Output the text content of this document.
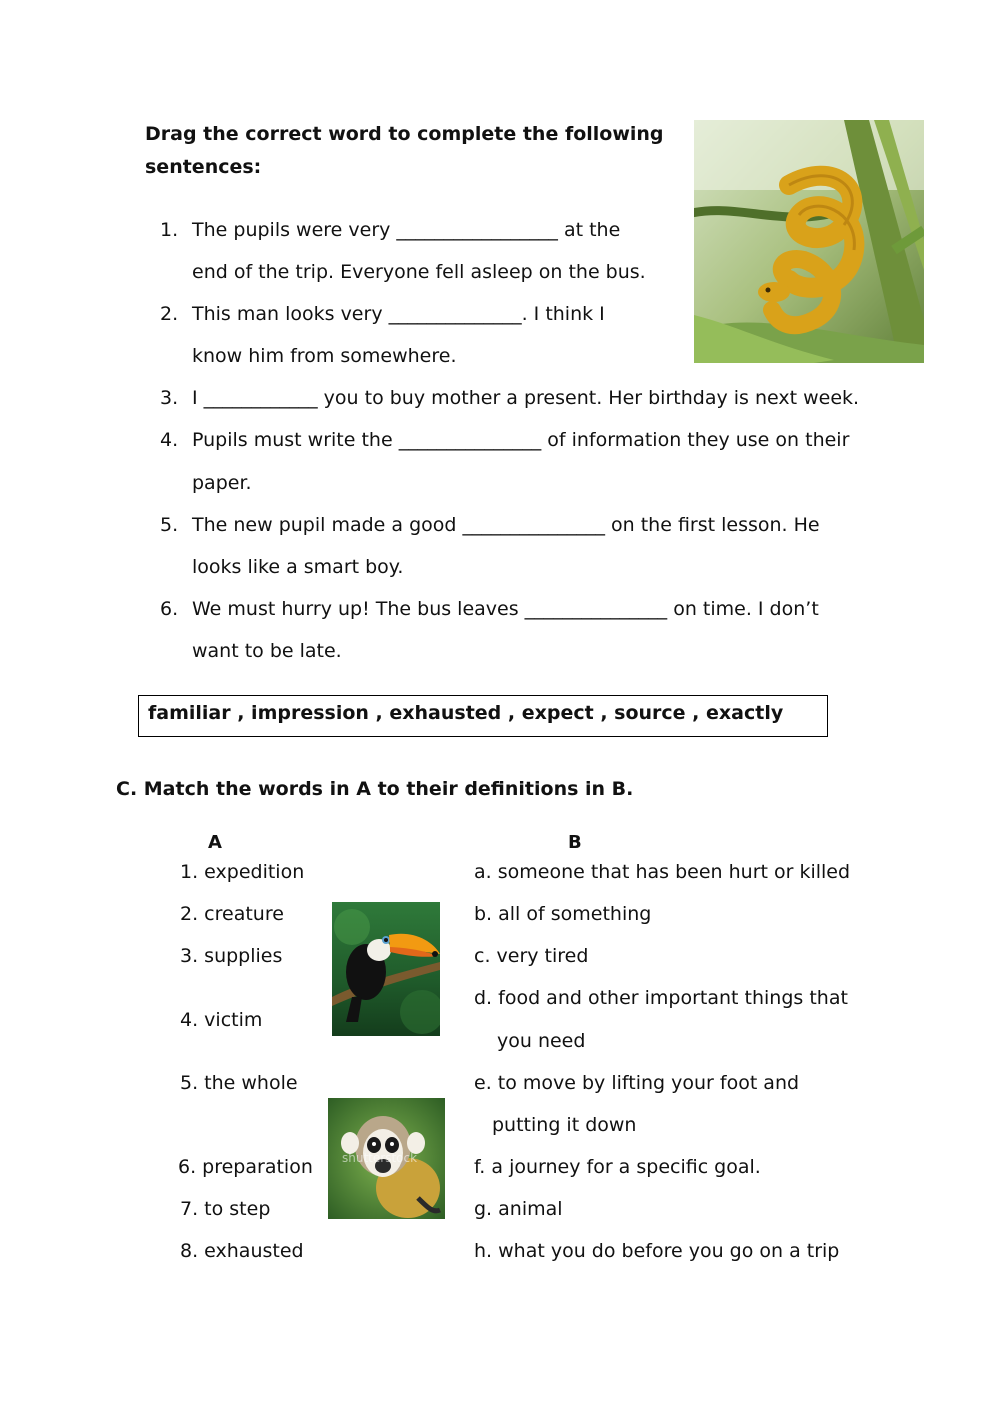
Drag the correct word to complete the following sentences:
1. The pupils were very _________________ at the
end of the trip. Everyone fell asleep on the bus.
2. This man looks very ______________. I think I
know him from somewhere.
3. I ____________ you to buy mother a present. Her birthday is next week.
4. Pupils must write the _______________ of information they use on their
paper.
5. The new pupil made a good _______________ on the first lesson. He
looks like a smart boy.
6. We must hurry up! The bus leaves _______________ on time. I don’t
want to be late.
familiar , impression , exhausted , expect , source , exactly
C. Match the words in A to their definitions in B.
A	B
1. expedition
2. creature
3. supplies
4. victim
5. the whole
6. preparation
7. to step
8. exhausted
a. someone that has been hurt or killed
b. all of something
c. very tired
d. food and other important things that
you need
e. to move by lifting your foot and
putting it down
f. a journey for a specific goal.
g. animal
h. what you do before you go on a trip
shutterstock
